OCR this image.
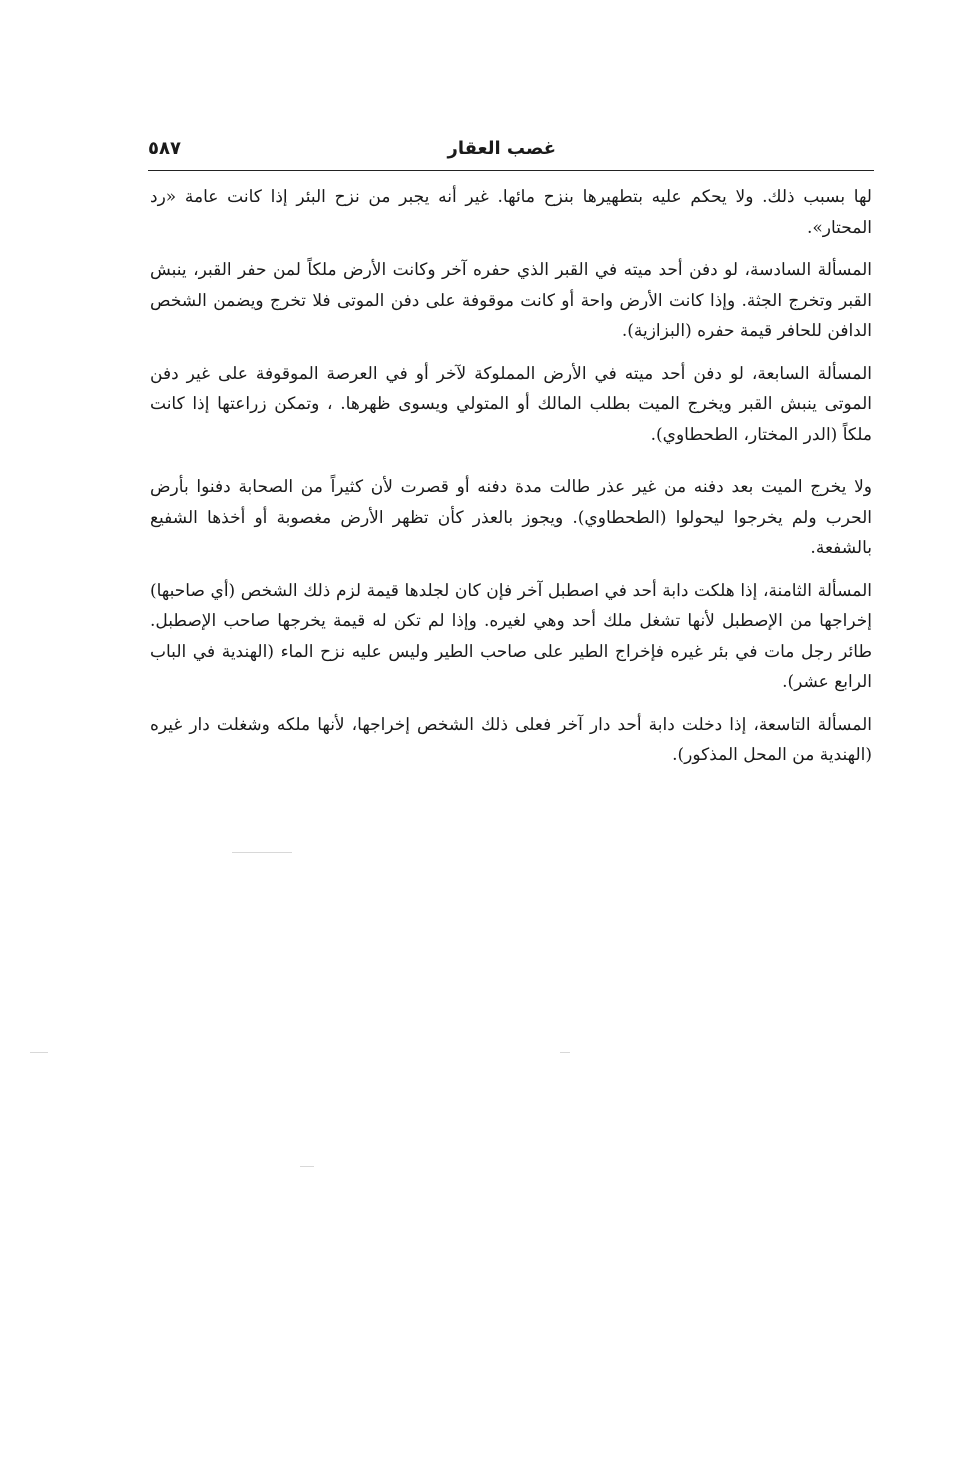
غصب العقار
٥٨٧

لها بسبب ذلك. ولا يحكم عليه بتطهيرها بنزح مائها. غير أنه يجبر من نزح البئر إذا كانت عامة «رد المحتار».

المسألة السادسة، لو دفن أحد ميته في القبر الذي حفره آخر وكانت الأرض ملكاً لمن حفر القبر، ينبش القبر وتخرج الجثة. وإذا كانت الأرض واحة أو كانت موقوفة على دفن الموتى فلا تخرج ويضمن الشخص الدافن للحافر قيمة حفره (البزازية).

المسألة السابعة، لو دفن أحد ميته في الأرض المملوكة لآخر أو في العرصة الموقوفة على غير دفن الموتى ينبش القبر ويخرج الميت بطلب المالك أو المتولي ويسوى ظهرها. ، وتمكن زراعتها إذا كانت ملكاً (الدر المختار، الطحطاوي).

ولا يخرج الميت بعد دفنه من غير عذر طالت مدة دفنه أو قصرت لأن كثيراً من الصحابة دفنوا بأرض الحرب ولم يخرجوا ليحولوا (الطحطاوي). ويجوز بالعذر كأن تظهر الأرض مغصوبة أو أخذها الشفيع بالشفعة.

المسألة الثامنة، إذا هلكت دابة أحد في اصطبل آخر فإن كان لجلدها قيمة لزم ذلك الشخص (أي صاحبها) إخراجها من الإصطبل لأنها تشغل ملك أحد وهي لغيره. وإذا لم تكن له قيمة يخرجها صاحب الإصطبل. طائر رجل مات في بئر غيره فإخراج الطير على صاحب الطير وليس عليه نزح الماء (الهندية في الباب الرابع عشر).

المسألة التاسعة، إذا دخلت دابة أحد دار آخر فعلى ذلك الشخص إخراجها، لأنها ملكه وشغلت دار غيره (الهندية من المحل المذكور).
